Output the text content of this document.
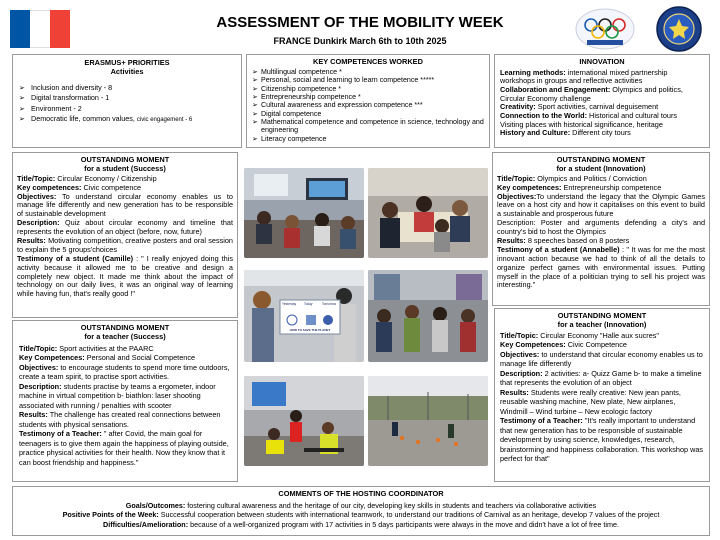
ASSESSMENT OF THE MOBILITY WEEK
FRANCE Dunkirk March 6th to 10th 2025
ERASMUS+ PRIORITIES
Activities
➢ Inclusion and diversity - 8
➢ Digital transformation - 1
➢ Environment - 2
➢ Democratic life, common values, civic engagement - 6
KEY COMPETENCES WORKED
➢ Multilingual competence *
➢ Personal, social and learning to learn competence *****
➢ Citizenship competence *
➢ Entrepreneurship competence *
➢ Cultural awareness and expression competence ***
➢ Digital competence
➢ Mathematical competence and competence in science, technology and engineering
➢ Literacy competence
INNOVATION

Learning methods: international mixed partnership workshops in groups and reflective activities

Collaboration and Engagement: Olympics and politics, Circular Economy challenge

Creativity: Sport activities, carnival deguisement

Connection to the World: Historical and cultural tours

Visiting places with historical significance, heritage

History and Culture: Different city tours

OUTSTANDING MOMENT
for a student (Success)

Title/Topic: Circular Economy / Citizenship

Key competences: Civic competence

Objectives: To understand circular economy enables us to manage life differently and new generation has to be responsible of sustainable development

Description: Quiz about circular economy and timeline that represents the evolution of an object (before, now, future)

Results: Motivating competition, creative posters and oral session to explain the 5 groups'choices

Testimony of a student (Camille) : " I really enjoyed doing this activity because it allowed me to be creative and design a completely new object. It made me think about the impact of technology on our daily lives, it was an original way of learning while having fun, that's really good !"

OUTSTANDING MOMENT
for a student (Innovation)

Title/Topic: Olympics and Politics / Conviction

Key competences: Entrepreneurship competence

Objectives:To understand the legacy that the Olympic Games leave on a host city and how it capitalises on this event to build a sustainable and prosperous future

Description: Poster and arguments defending a city's and country's bid to host the Olympics

Results: 8 speeches based on 8 posters

Testimony of a student (Annabelle) : " It was for me the most innovant action because we had to think of all the details to organize perfect games with environmental issues. Putting myself in the place of a politician trying to sell his project was interesting."

OUTSTANDING MOMENT
for a teacher (Success)

Title/Topic: Sport activities at the PAARC

Key Competences: Personal and Social Competence

Objectives: to encourage students to spend more time outdoors, create a team spirit, to practise sport activities.

Description: students practise by teams a ergometer, indoor machine in virtual competition b- biathlon: laser shooting associated with running / penalties with scooter

Results: The challenge has created real connections between students with physical sensations.

Testimony of a Teacher: " after Covid, the main goal for teenagers is to give them again the happiness of playing outside, practice physical activities for their health. Now they know that it can boost friendship and happiness."

OUTSTANDING MOMENT
for a teacher (Innovation)

Title/Topic: Circular Economy "Halle aux sucres"

Key Competences: Civic Competence

Objectives: to understand that circular economy enables us to manage life differently

Description: 2 activities: a- Quizz Game b- to make a timeline that represents the evolution of an object

Results: Students were really creative: New jean pants, reusable washing machine, New plate, New airplanes, Windmill – Wind turbine – New ecologic factory

Testimony of a Teacher: "It's really important to understand that new generation has to be responsible of sustainable development by using science, knowledges, research, brainstorming and happiness collaboration. This workshop was perfect for that"

Yesterday Today	Tomorrow
HOW TO SAVE THE PLANET
COMMENTS OF THE HOSTING COORDINATOR

Goals/Outcomes: fostering cultural awareness and the heritage of our city, developing key skills in students and teachers via collaborative activities

Positive Points of the Week: Successful cooperation between students with international teamwork, to understand our traditions of Carnival as an heritage, develop 7 values of the project

Difficulties/Amelioration: because of a well-organized program with 17 activities in 5 days participants were always in the move and didn't have a lot of free time.
